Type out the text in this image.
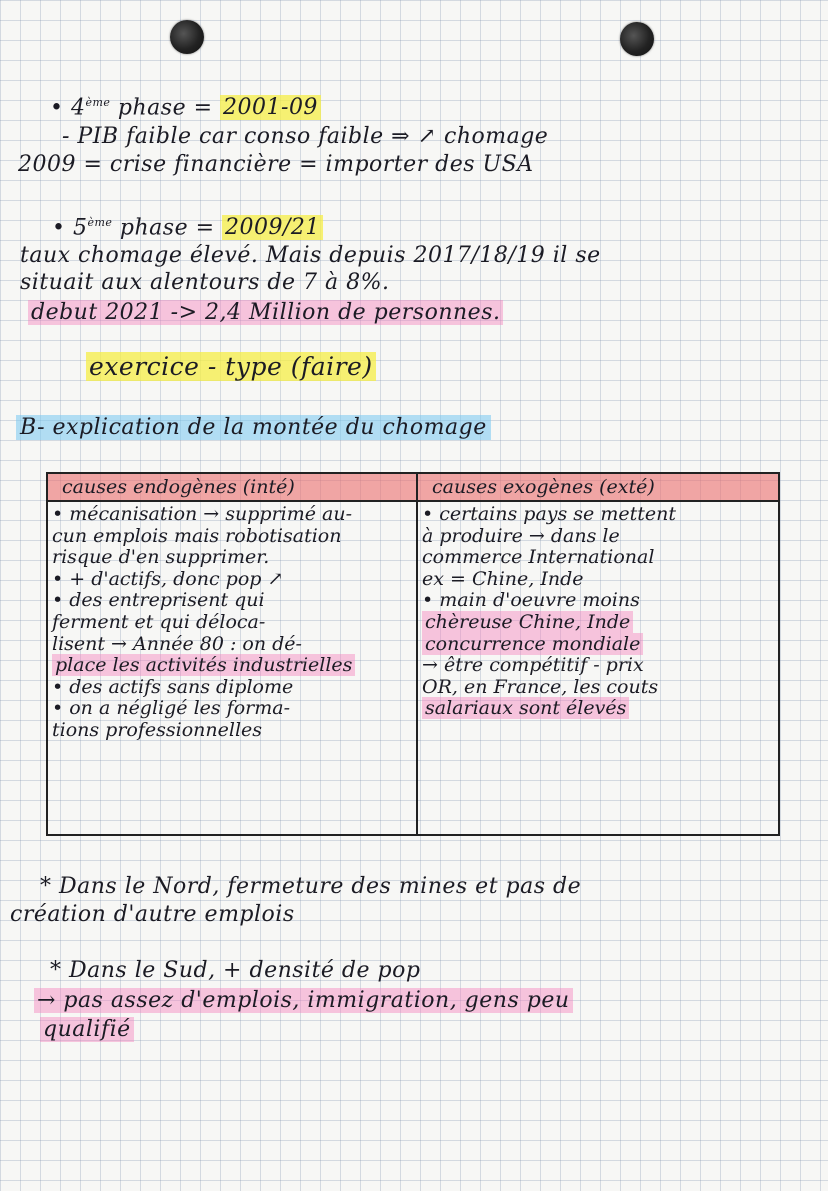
• 4ème phase = 2001-09
- PIB faible car conso faible ⇒ ↗ chomage
2009 = crise financière = importer des USA
• 5ème phase = 2009/21
taux chomage élevé. Mais depuis 2017/18/19 il se
situait aux alentours de 7 à 8%.
debut 2021 -> 2,4 Million de personnes.
exercice - type (faire)
B- explication de la montée du chomage
causes endogènes (inté)
• mécanisation → supprimé au-
cun emplois mais robotisation
risque d'en supprimer.
• + d'actifs, donc pop ↗
• des entreprisent qui
ferment et qui déloca-
lisent → Année 80 : on dé-
place les activités industrielles
• des actifs sans diplome
• on a négligé les forma-
tions professionnelles
causes exogènes (exté)
• certains pays se mettent
à produire → dans le
commerce International
ex = Chine, Inde
• main d'oeuvre moins
chèreuse Chine, Inde
concurrence mondiale
→ être compétitif - prix
OR, en France, les couts
salariaux sont élevés
* Dans le Nord, fermeture des mines et pas de
création d'autre emplois
* Dans le Sud, + densité de pop
→ pas assez d'emplois, immigration, gens peu
qualifié
